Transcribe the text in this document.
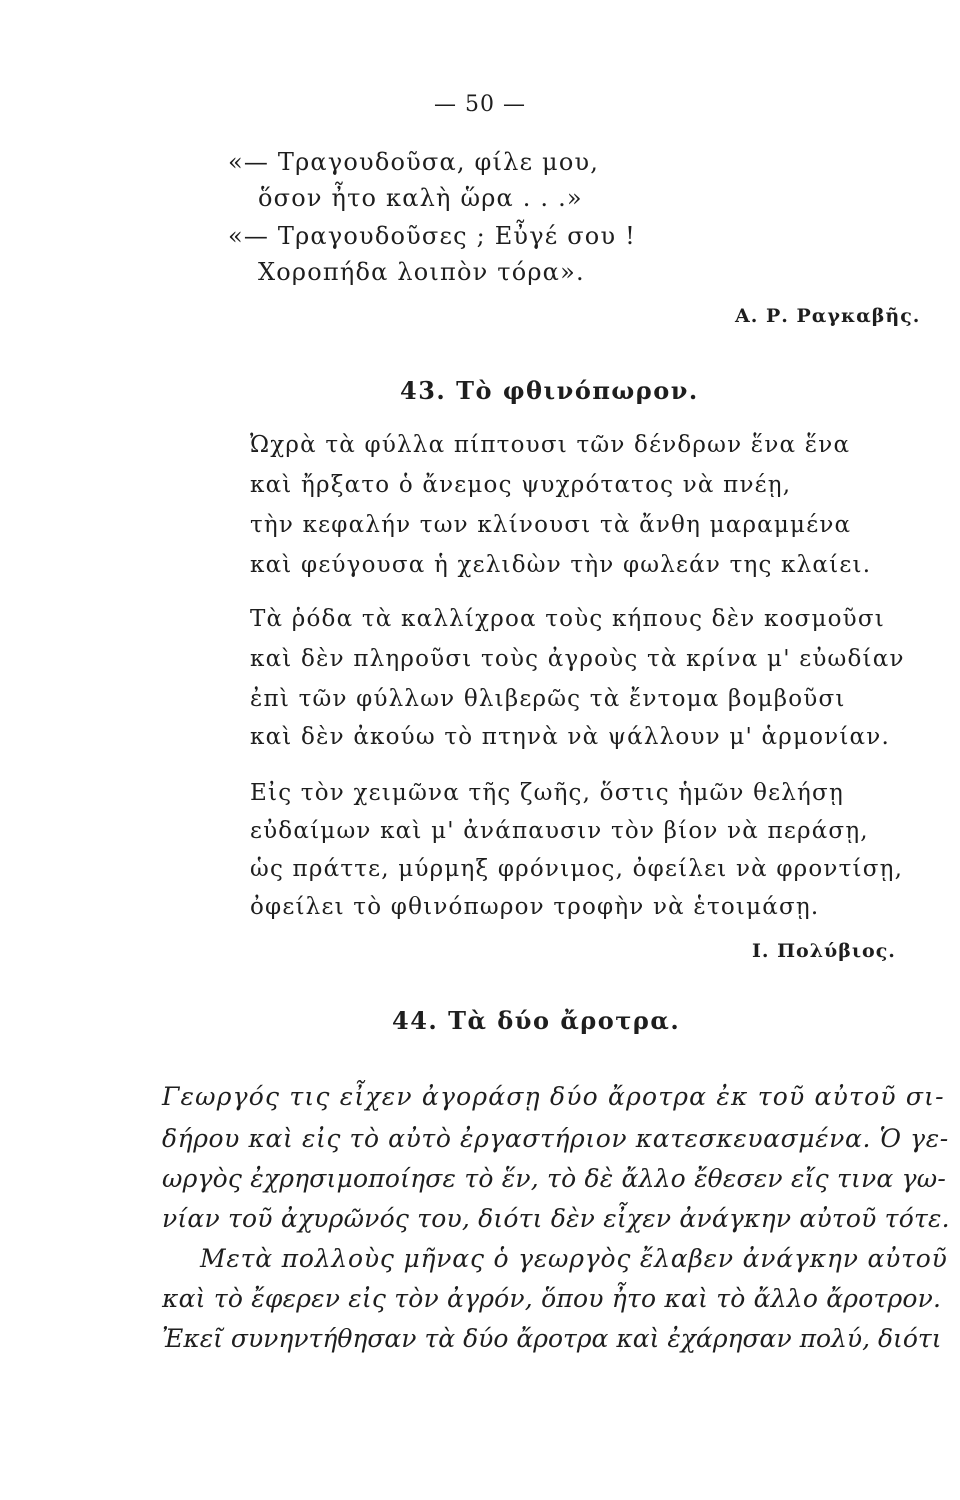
— 50 —
«— Τραγουδοῦσα, φίλε μου,
ὅσον ἦτο καλὴ ὥρα . . .»
«— Τραγουδοῦσες ; Εὖγέ σου !
Χοροπήδα λοιπὸν τόρα».
Α. Ρ. Ραγκαβῆς.
43. Τὸ φθινόπωρον.
Ὠχρὰ τὰ φύλλα πίπτουσι τῶν δένδρων ἕνα ἕνα
καὶ ἤρξατο ὁ ἄνεμος ψυχρότατος νὰ πνέῃ,
τὴν κεφαλήν των κλίνουσι τὰ ἄνθη μαραμμένα
καὶ φεύγουσα ἡ χελιδὼν τὴν φωλεάν της κλαίει.
Τὰ ῥόδα τὰ καλλίχροα τοὺς κήπους δὲν κοσμοῦσι
καὶ δὲν πληροῦσι τοὺς ἀγροὺς τὰ κρίνα μ' εὐωδίαν
ἐπὶ τῶν φύλλων θλιβερῶς τὰ ἔντομα βομβοῦσι
καὶ δὲν ἀκούω τὸ πτηνὰ νὰ ψάλλουν μ' ἁρμονίαν.
Εἰς τὸν χειμῶνα τῆς ζωῆς, ὅστις ἡμῶν θελήσῃ
εὐδαίμων καὶ μ' ἀνάπαυσιν τὸν βίον νὰ περάσῃ,
ὡς πράττε, μύρμηξ φρόνιμος, ὀφείλει νὰ φροντίσῃ,
ὀφείλει τὸ φθινόπωρον τροφὴν νὰ ἑτοιμάσῃ.
Ι. Πολύβιος.
44. Τὰ δύο ἄροτρα.
Γεωργός τις εἶχεν ἀγοράσῃ δύο ἄροτρα ἐκ τοῦ αὐτοῦ σι-
δήρου καὶ εἰς τὸ αὐτὸ ἐργαστήριον κατεσκευασμένα. Ὁ γε-
ωργὸς ἐχρησιμοποίησε τὸ ἕν, τὸ δὲ ἄλλο ἔθεσεν εἴς τινα γω-
νίαν τοῦ ἀχυρῶνός του, διότι δὲν εἶχεν ἀνάγκην αὐτοῦ τότε.
Μετὰ πολλοὺς μῆνας ὁ γεωργὸς ἔλαβεν ἀνάγκην αὐτοῦ
καὶ τὸ ἔφερεν εἰς τὸν ἀγρόν, ὅπου ἦτο καὶ τὸ ἄλλο ἄροτρον.
Ἐκεῖ συνηντήθησαν τὰ δύο ἄροτρα καὶ ἐχάρησαν πολύ, διότι
